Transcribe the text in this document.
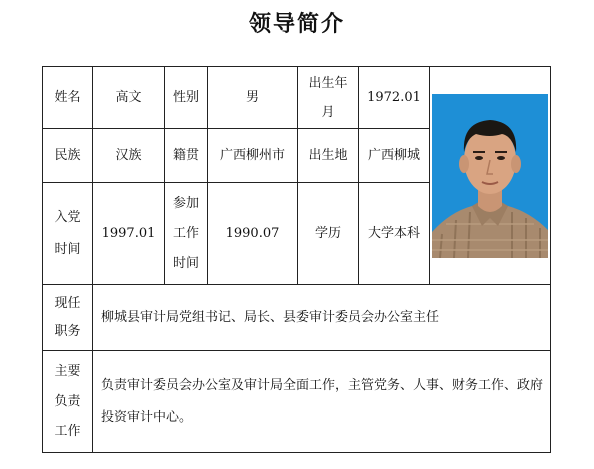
领导简介
姓名	高文	性别	男	出生年月	1972.01	

民族	汉族	籍贯	广西柳州市	出生地	广西柳城	

入党时间	1997.01	参加工作时间	1990.07	学历	大学本科	

现任职务	柳城县审计局党组书记、局长、县委审计委员会办公室主任					

主要负责工作	负责审计委员会办公室及审计局全面工作，主管党务、人事、财务工作、政府投资审计中心。					
